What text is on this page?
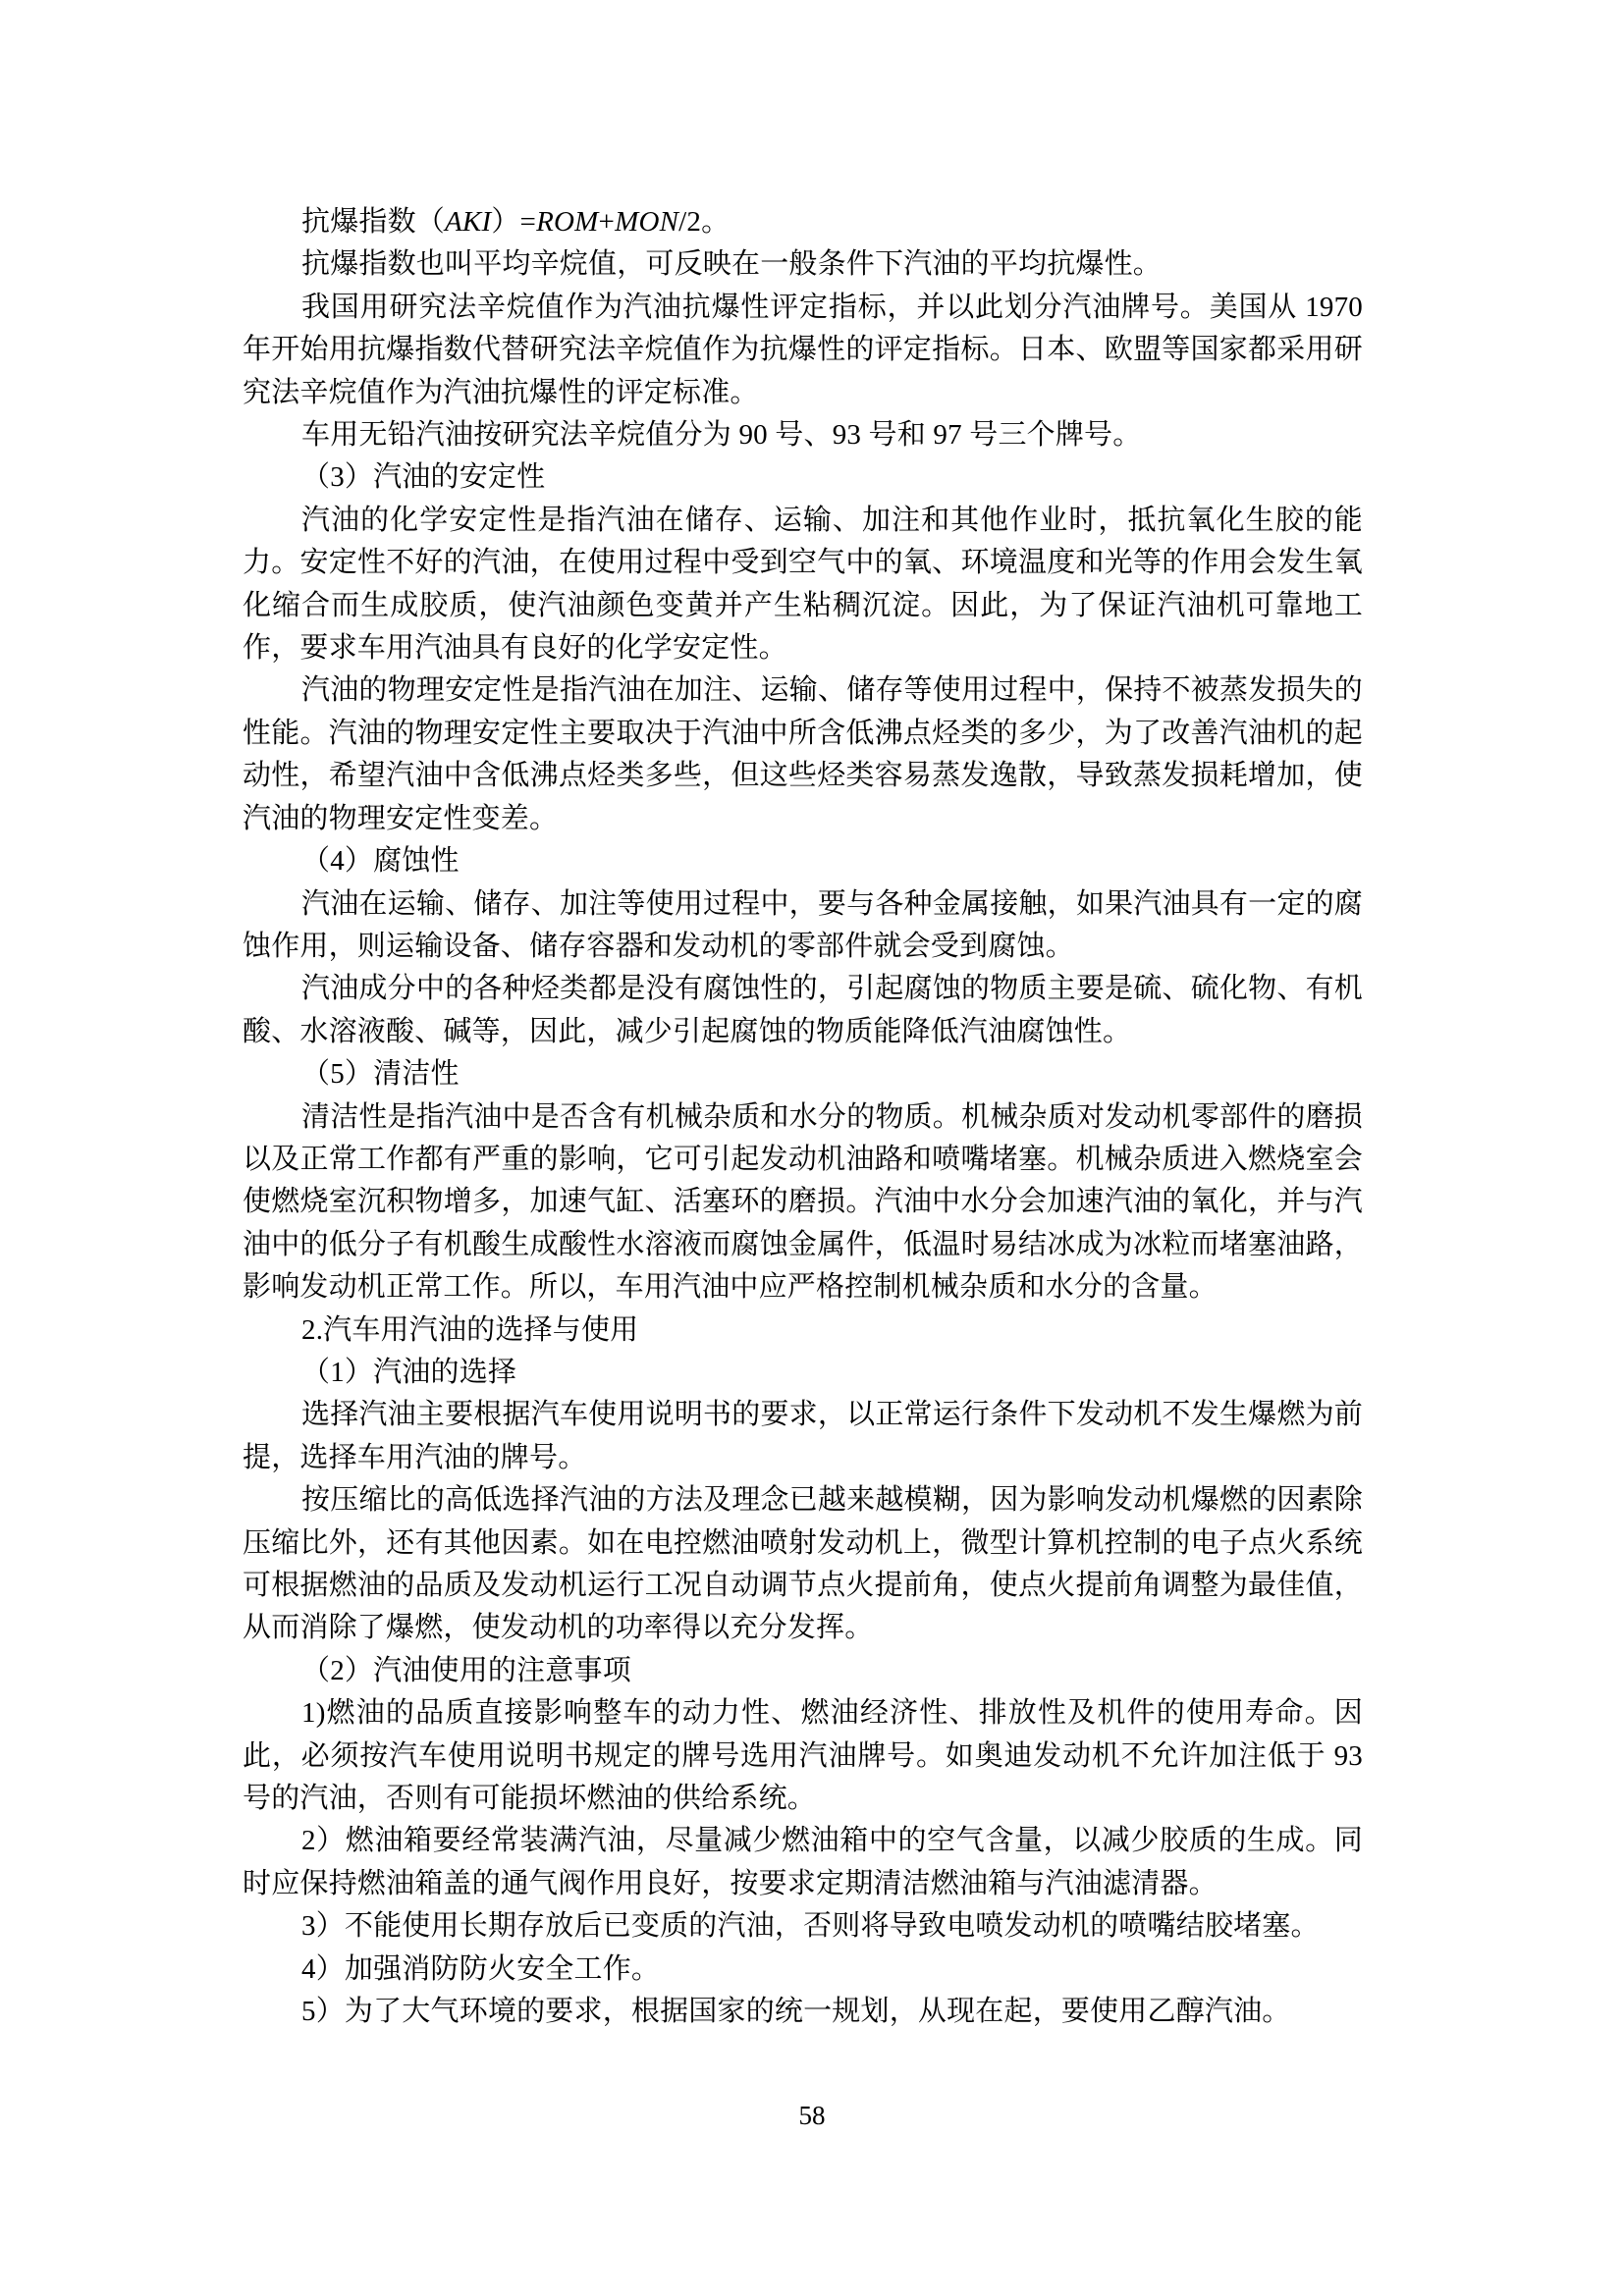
抗爆指数（AKI）=ROM+MON/2。

抗爆指数也叫平均辛烷值，可反映在一般条件下汽油的平均抗爆性。

我国用研究法辛烷值作为汽油抗爆性评定指标，并以此划分汽油牌号。美国从 1970 年开始用抗爆指数代替研究法辛烷值作为抗爆性的评定指标。日本、欧盟等国家都采用研究法辛烷值作为汽油抗爆性的评定标准。

车用无铅汽油按研究法辛烷值分为 90 号、93 号和 97 号三个牌号。

（3）汽油的安定性

汽油的化学安定性是指汽油在储存、运输、加注和其他作业时，抵抗氧化生胶的能力。安定性不好的汽油，在使用过程中受到空气中的氧、环境温度和光等的作用会发生氧化缩合而生成胶质，使汽油颜色变黄并产生粘稠沉淀。因此，为了保证汽油机可靠地工作，要求车用汽油具有良好的化学安定性。

汽油的物理安定性是指汽油在加注、运输、储存等使用过程中，保持不被蒸发损失的性能。汽油的物理安定性主要取决于汽油中所含低沸点烃类的多少，为了改善汽油机的起动性，希望汽油中含低沸点烃类多些，但这些烃类容易蒸发逸散，导致蒸发损耗增加，使汽油的物理安定性变差。

（4）腐蚀性

汽油在运输、储存、加注等使用过程中，要与各种金属接触，如果汽油具有一定的腐蚀作用，则运输设备、储存容器和发动机的零部件就会受到腐蚀。

汽油成分中的各种烃类都是没有腐蚀性的，引起腐蚀的物质主要是硫、硫化物、有机酸、水溶液酸、碱等，因此，减少引起腐蚀的物质能降低汽油腐蚀性。

（5）清洁性

清洁性是指汽油中是否含有机械杂质和水分的物质。机械杂质对发动机零部件的磨损以及正常工作都有严重的影响，它可引起发动机油路和喷嘴堵塞。机械杂质进入燃烧室会使燃烧室沉积物增多，加速气缸、活塞环的磨损。汽油中水分会加速汽油的氧化，并与汽油中的低分子有机酸生成酸性水溶液而腐蚀金属件，低温时易结冰成为冰粒而堵塞油路，影响发动机正常工作。所以，车用汽油中应严格控制机械杂质和水分的含量。

2.汽车用汽油的选择与使用

（1）汽油的选择

选择汽油主要根据汽车使用说明书的要求，以正常运行条件下发动机不发生爆燃为前提，选择车用汽油的牌号。

按压缩比的高低选择汽油的方法及理念已越来越模糊，因为影响发动机爆燃的因素除压缩比外，还有其他因素。如在电控燃油喷射发动机上，微型计算机控制的电子点火系统可根据燃油的品质及发动机运行工况自动调节点火提前角，使点火提前角调整为最佳值，从而消除了爆燃，使发动机的功率得以充分发挥。

（2）汽油使用的注意事项

1)燃油的品质直接影响整车的动力性、燃油经济性、排放性及机件的使用寿命。因此，必须按汽车使用说明书规定的牌号选用汽油牌号。如奥迪发动机不允许加注低于 93 号的汽油，否则有可能损坏燃油的供给系统。

2）燃油箱要经常装满汽油，尽量减少燃油箱中的空气含量，以减少胶质的生成。同时应保持燃油箱盖的通气阀作用良好，按要求定期清洁燃油箱与汽油滤清器。

3）不能使用长期存放后已变质的汽油，否则将导致电喷发动机的喷嘴结胶堵塞。

4）加强消防防火安全工作。

5）为了大气环境的要求，根据国家的统一规划，从现在起，要使用乙醇汽油。

58
